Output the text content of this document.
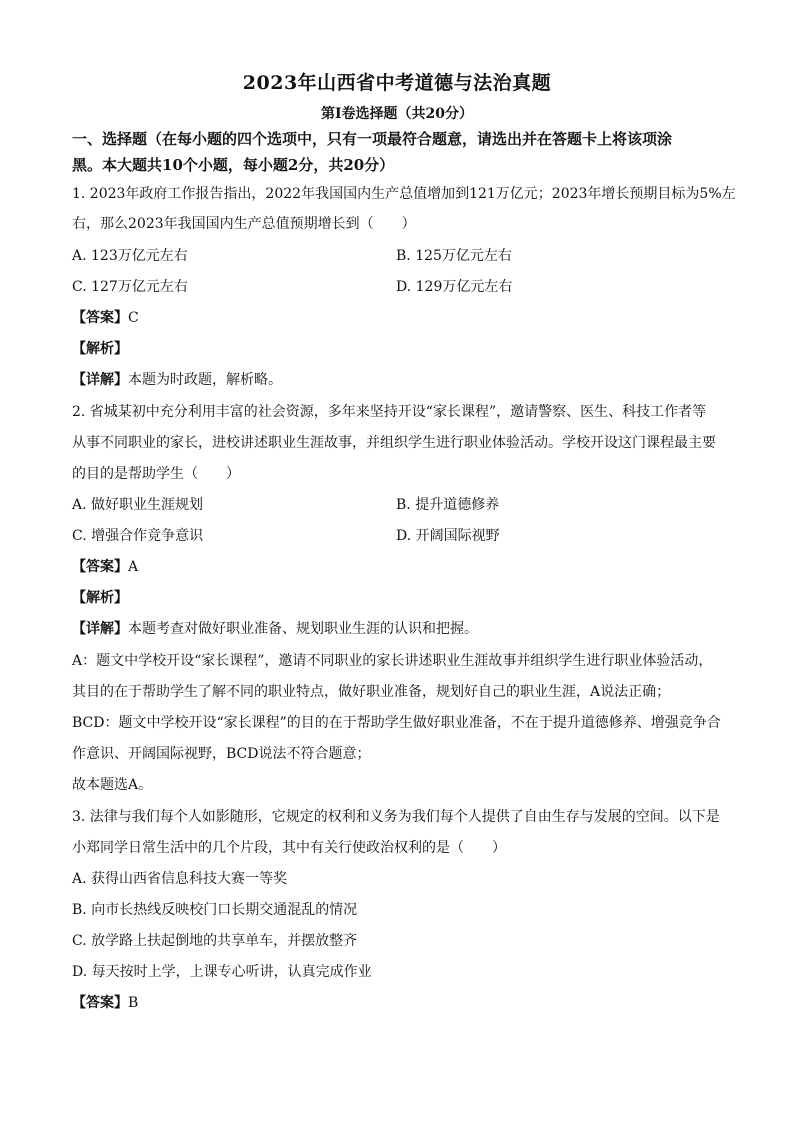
2023年山西省中考道德与法治真题
第Ⅰ卷选择题（共20分）
一、选择题（在每小题的四个选项中，只有一项最符合题意，请选出并在答题卡上将该项涂
黑。本大题共10个小题，每小题2分，共20分）
1. 2023年政府工作报告指出，2022年我国国内生产总值增加到121万亿元；2023年增长预期目标为5%左
右，那么2023年我国国内生产总值预期增长到（　　）
A. 123万亿元左右	B. 125万亿元左右
C. 127万亿元左右	D. 129万亿元左右
【答案】C
【解析】
【详解】本题为时政题，解析略。
2. 省城某初中充分利用丰富的社会资源，多年来坚持开设“家长课程”，邀请警察、医生、科技工作者等
从事不同职业的家长，进校讲述职业生涯故事，并组织学生进行职业体验活动。学校开设这门课程最主要
的目的是帮助学生（　　）
A. 做好职业生涯规划	B. 提升道德修养
C. 增强合作竞争意识	D. 开阔国际视野
【答案】A
【解析】
【详解】本题考查对做好职业准备、规划职业生涯的认识和把握。
A：题文中学校开设“家长课程”，邀请不同职业的家长讲述职业生涯故事并组织学生进行职业体验活动，
其目的在于帮助学生了解不同的职业特点，做好职业准备，规划好自己的职业生涯，A说法正确；
BCD：题文中学校开设“家长课程”的目的在于帮助学生做好职业准备，不在于提升道德修养、增强竞争合
作意识、开阔国际视野，BCD说法不符合题意；
故本题选A。
3. 法律与我们每个人如影随形，它规定的权利和义务为我们每个人提供了自由生存与发展的空间。以下是
小郑同学日常生活中的几个片段，其中有关行使政治权利的是（　　）
A. 获得山西省信息科技大赛一等奖
B. 向市长热线反映校门口长期交通混乱的情况
C. 放学路上扶起倒地的共享单车，并摆放整齐
D. 每天按时上学，上课专心听讲，认真完成作业
【答案】B
